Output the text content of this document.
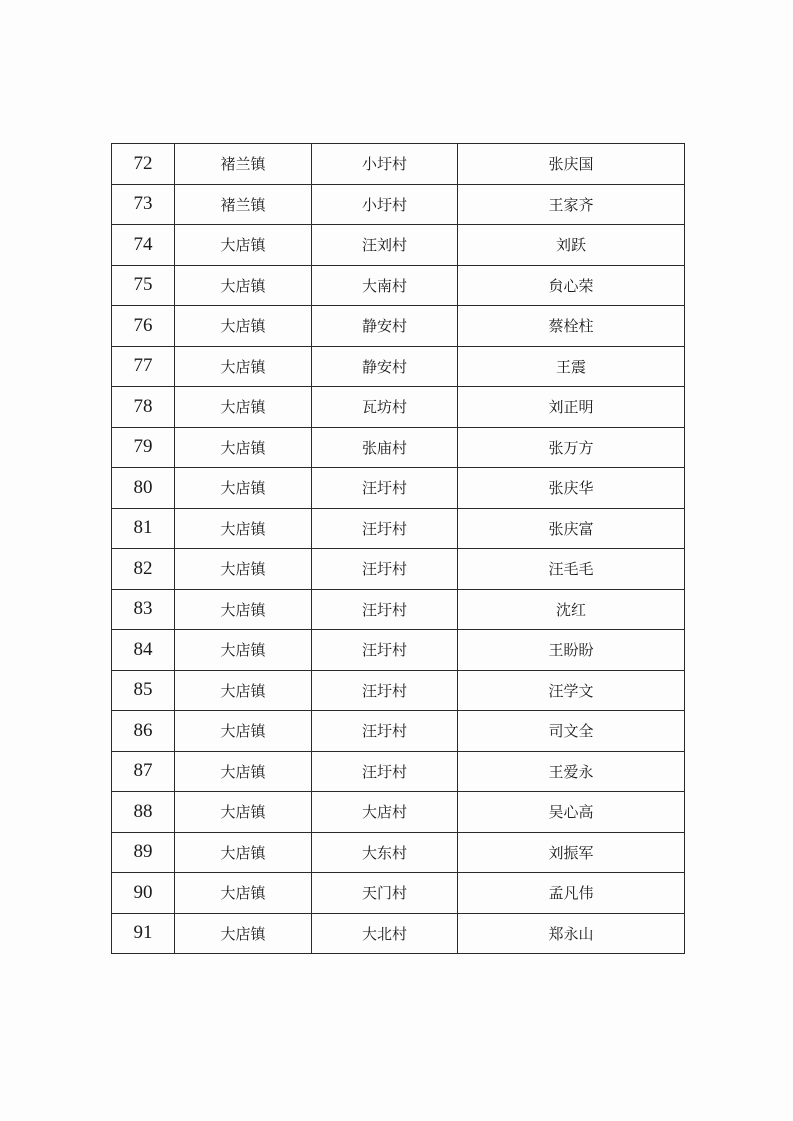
72	褚兰镇	小圩村	张庆国
73	褚兰镇	小圩村	王家齐
74	大店镇	汪刘村	刘跃
75	大店镇	大南村	贠心荣
76	大店镇	静安村	蔡栓柱
77	大店镇	静安村	王震
78	大店镇	瓦坊村	刘正明
79	大店镇	张庙村	张万方
80	大店镇	汪圩村	张庆华
81	大店镇	汪圩村	张庆富
82	大店镇	汪圩村	汪毛毛
83	大店镇	汪圩村	沈红
84	大店镇	汪圩村	王盼盼
85	大店镇	汪圩村	汪学文
86	大店镇	汪圩村	司文全
87	大店镇	汪圩村	王爱永
88	大店镇	大店村	吴心高
89	大店镇	大东村	刘振军
90	大店镇	天门村	孟凡伟
91	大店镇	大北村	郑永山
